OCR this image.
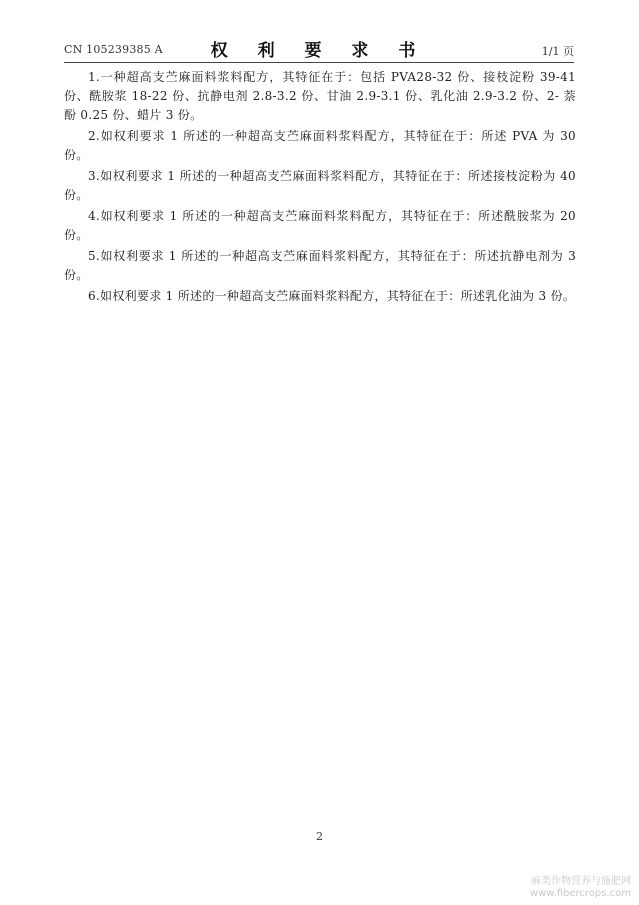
CN 105239385 A	权 利 要 求 书	1/1 页

1.一种超高支苎麻面料浆料配方，其特征在于：包括 PVA28-32 份、接枝淀粉 39-41 份、酰胺浆 18-22 份、抗静电剂 2.8-3.2 份、甘油 2.9-3.1 份、乳化油 2.9-3.2 份、2- 萘酚 0.25 份、蜡片 3 份。

2.如权利要求 1 所述的一种超高支苎麻面料浆料配方，其特征在于：所述 PVA 为 30 份。

3.如权利要求 1 所述的一种超高支苎麻面料浆料配方，其特征在于：所述接枝淀粉为 40 份。

4.如权利要求 1 所述的一种超高支苎麻面料浆料配方，其特征在于：所述酰胺浆为 20 份。

5.如权利要求 1 所述的一种超高支苎麻面料浆料配方，其特征在于：所述抗静电剂为 3 份。

6.如权利要求 1 所述的一种超高支苎麻面料浆料配方，其特征在于：所述乳化油为 3 份。

2
麻类作物营养与施肥网
www.fibercrops.com
